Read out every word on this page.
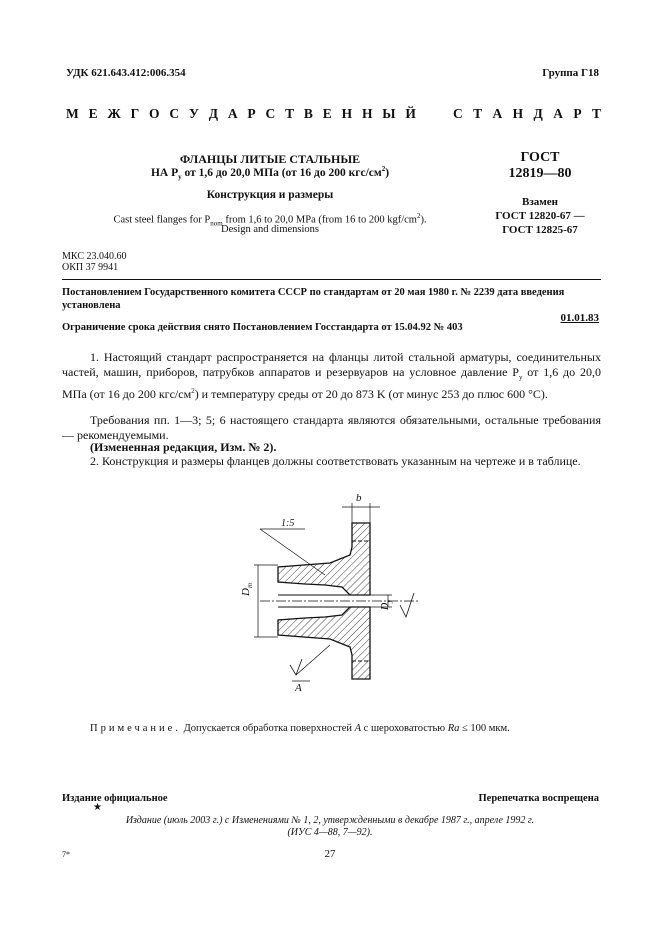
УДК 621.643.412:006.354	Группа Г18
М Е Ж Г О С У Д А Р С Т В Е Н Н Ы Й	С Т А Н Д А Р Т
ФЛАНЦЫ ЛИТЫЕ СТАЛЬНЫЕ
НА $P_у$ от 1,6 до 20,0 МПа (от 16 до 200 кгс/$см^2$)
Конструкция и размеры
Cast steel flanges for $P_{nom}$ from 1,6 to 20,0 MPa (from 16 to 200 kgf/$cm^2$).
Design and dimensions
ГОСТ
12819—80
Взамен
ГОСТ 12820-67 —
ГОСТ 12825-67
МКС 23.040.60
ОКП 37 9941
Постановлением Государственного комитета СССР по стандартам от 20 мая 1980 г. № 2239 дата введения установлена
01.01.83
Ограничение срока действия снято Постановлением Госстандарта от 15.04.92 № 403
1. Настоящий стандарт распространяется на фланцы литой стальной арматуры, соединительных частей, машин, приборов, патрубков аппаратов и резервуаров на условное давление $P_у$ от 1,6 до 20,0 МПа (от 16 до 200 кгс/$см^2$) и температуру среды от 20 до 873 K (от минус 253 до плюс 600 °C).
Требования пп. 1—3; 5; 6 настоящего стандарта являются обязательными, остальные требования — рекомендуемыми.
(Измененная редакция, Изм. № 2).
2. Конструкция и размеры фланцев должны соответствовать указанным на чертеже и в таблице.
1:5
b
$D_m$
$D_y$
A
Примечание. Допускается обработка поверхностей A с шероховатостью Ra ≤ 100 мкм.
Издание официальное	Перепечатка воспрещена
★
Издание (июль 2003 г.) с Изменениями № 1, 2, утвержденными в декабре 1987 г., апреле 1992 г.
(ИУС 4—88, 7—92).
7*	27
